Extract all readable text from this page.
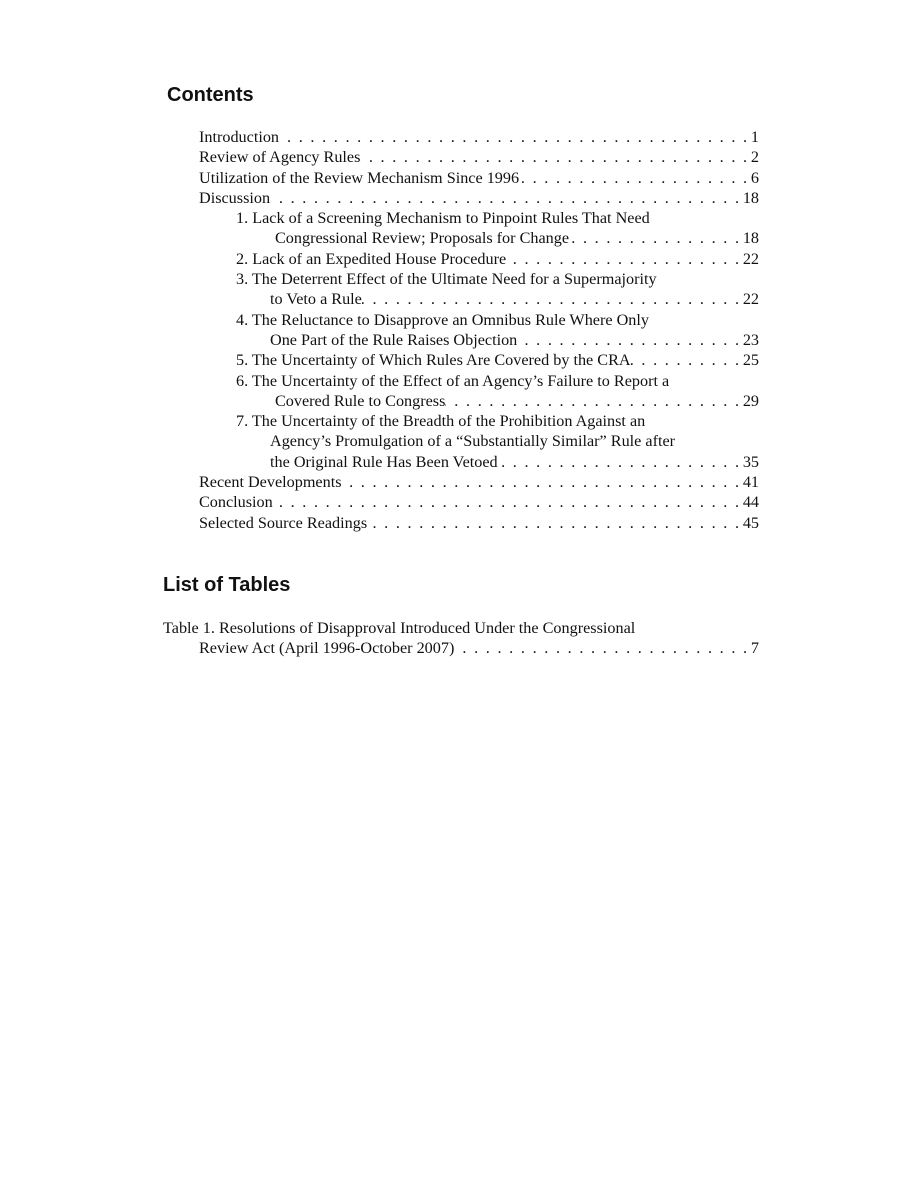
Contents
Introduction . . .	1
Review of Agency Rules . . .	2
Utilization of the Review Mechanism Since 1996 . . .	6
Discussion . . .	18
1. Lack of a Screening Mechanism to Pinpoint Rules That Need
Congressional Review; Proposals for Change . . .	18
2. Lack of an Expedited House Procedure . . .	22
3. The Deterrent Effect of the Ultimate Need for a Supermajority
to Veto a Rule . . .	22
4. The Reluctance to Disapprove an Omnibus Rule Where Only
One Part of the Rule Raises Objection . . .	23
5. The Uncertainty of Which Rules Are Covered by the CRA . . .	25
6. The Uncertainty of the Effect of an Agency’s Failure to Report a
Covered Rule to Congress . . .	29
7. The Uncertainty of the Breadth of the Prohibition Against an
Agency’s Promulgation of a “Substantially Similar” Rule after
the Original Rule Has Been Vetoed . . .	35
Recent Developments . . .	41
Conclusion . . .	44
Selected Source Readings . . .	45
List of Tables
Table 1. Resolutions of Disapproval Introduced Under the Congressional
Review Act (April 1996-October 2007) . . .	7
